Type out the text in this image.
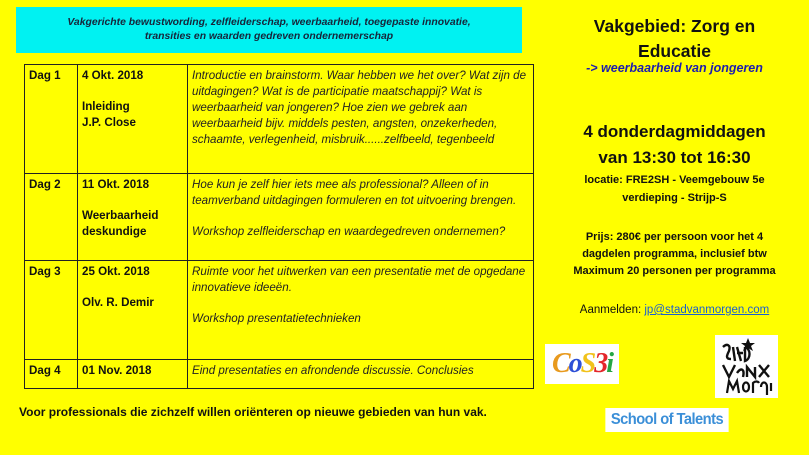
Vakgerichte bewustwording, zelfleiderschap, weerbaarheid, toegepaste innovatie,
transities en waarden gedreven ondernemerschap
Dag 1	4 Okt. 2018
Inleiding
J.P. Close	Introductie en brainstorm. Waar hebben we het over? Wat zijn de uitdagingen? Wat is de participatie maatschappij? Wat is weerbaarheid van jongeren? Hoe zien we gebrek aan weerbaarheid bijv. middels pesten, angsten, onzekerheden, schaamte, verlegenheid, misbruik......zelfbeeld, tegenbeeld
Dag 2	11 Okt. 2018
Weerbaarheid
deskundige	Hoe kun je zelf hier iets mee als professional? Alleen of in teamverband uitdagingen formuleren en tot uitvoering brengen.
Workshop zelfleiderschap en waardegedreven ondernemen?
Dag 3	25 Okt. 2018
Olv. R. Demir	Ruimte voor het uitwerken van een presentatie met de opgedane innovatieve ideeën.
Workshop presentatietechnieken
Dag 4	01 Nov. 2018	Eind presentaties en afrondende discussie. Conclusies
Voor professionals die zichzelf willen oriënteren op nieuwe gebieden van hun vak.
Vakgebied: Zorg en
Educatie
-> weerbaarheid van jongeren
4 donderdagmiddagen
van 13:30 tot 16:30
locatie: FRE2SH - Veemgebouw 5e
verdieping - Strijp-S
Prijs: 280€ per persoon voor het 4
dagdelen programma, inclusief btw
Maximum 20 personen per programma
Aanmelden: jp@stadvanmorgen.com
C o S 3 i
School of Talents
